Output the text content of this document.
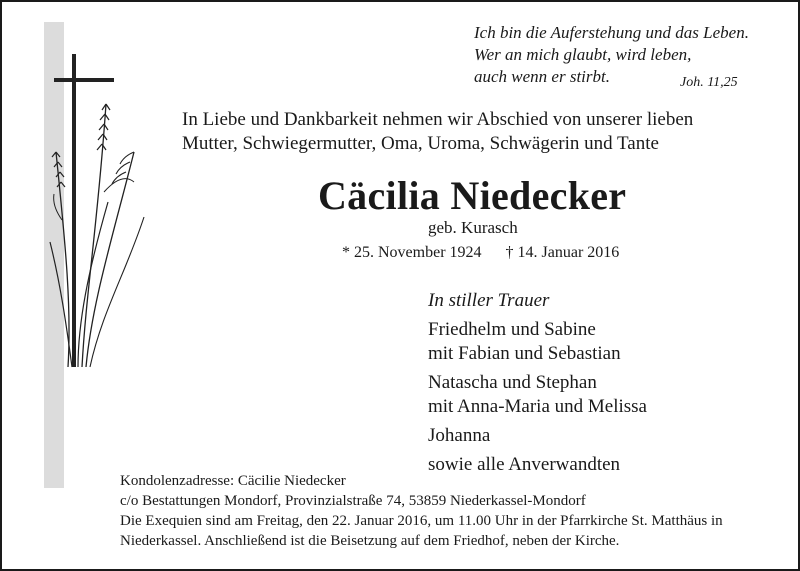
Ich bin die Auferstehung und das Leben.
Wer an mich glaubt, wird leben,
auch wenn er stirbt.	Joh. 11,25
In Liebe und Dankbarkeit nehmen wir Abschied von unserer lieben
Mutter, Schwiegermutter, Oma, Uroma, Schwägerin und Tante
Cäcilia Niedecker
geb. Kurasch
* 25. November 1924 † 14. Januar 2016
In stiller Trauer
Friedhelm und Sabine
mit Fabian und Sebastian
Natascha und Stephan
mit Anna-Maria und Melissa
Johanna
sowie alle Anverwandten
Kondolenzadresse: Cäcilie Niedecker
c/o Bestattungen Mondorf, Provinzialstraße 74, 53859 Niederkassel-Mondorf
Die Exequien sind am Freitag, den 22. Januar 2016, um 11.00 Uhr in der Pfarrkirche St. Matthäus in
Niederkassel. Anschließend ist die Beisetzung auf dem Friedhof, neben der Kirche.
